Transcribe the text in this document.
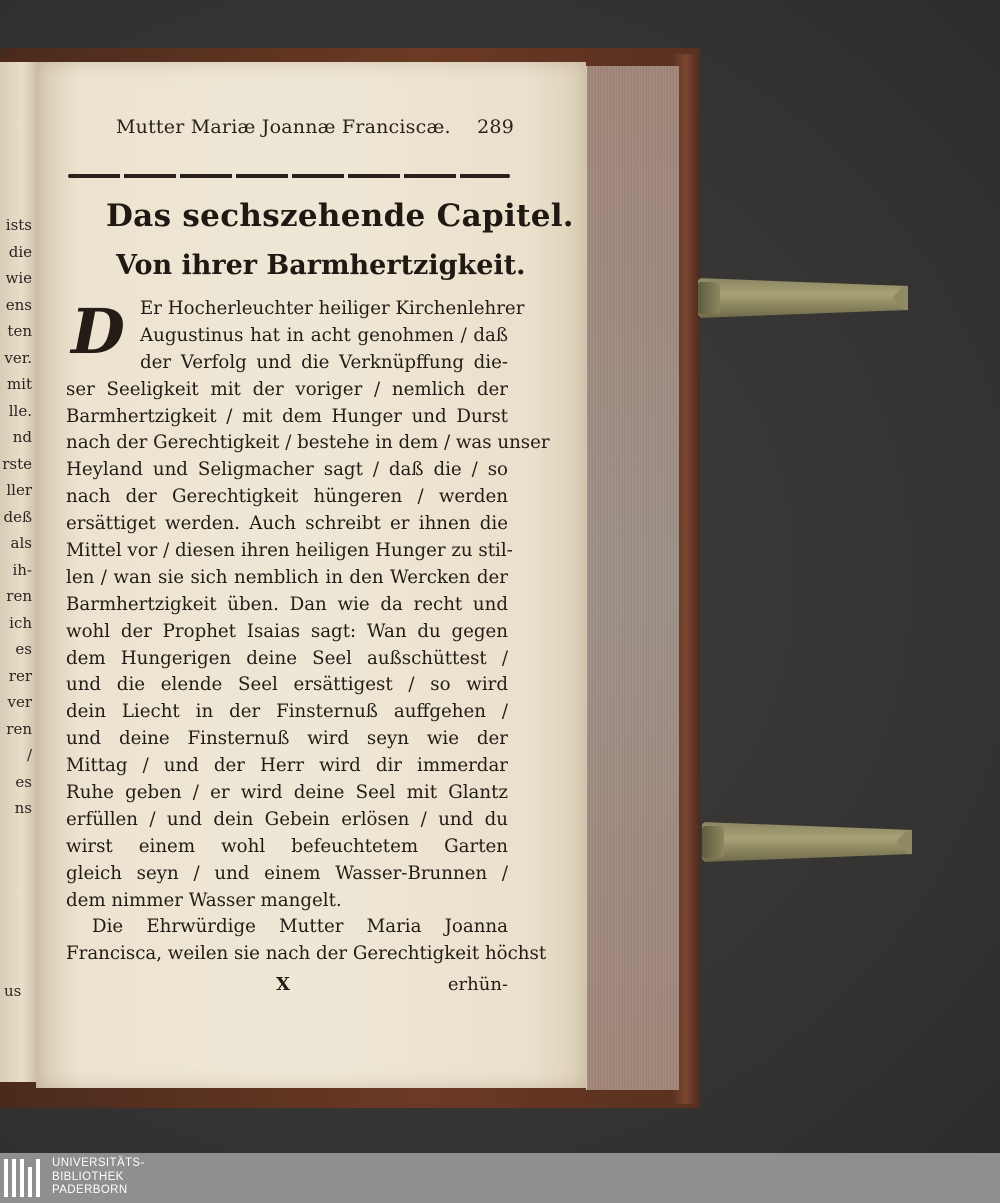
ists
die
wie
ens
ten
ver.
mit
lle.
nd
rste
ller
deß
als
ih-
ren
ich
es
rer
ver
ren
/
es
ns
us
Mutter Mariæ Joannæ Franciscæ. 289
Das sechszehende Capitel.
Von ihrer Barmhertzigkeit.
D Er Hocherleuchter heiliger Kirchenlehrer
Augustinus hat in acht genohmen / daß
der Verfolg und die Verknüpffung die-
ser Seeligkeit mit der voriger / nemlich der
Barmhertzigkeit / mit dem Hunger und Durst
nach der Gerechtigkeit / bestehe in dem / was unser
Heyland und Seligmacher sagt / daß die / so
nach der Gerechtigkeit hüngeren / werden
ersättiget werden. Auch schreibt er ihnen die
Mittel vor / diesen ihren heiligen Hunger zu stil-
len / wan sie sich nemblich in den Wercken der
Barmhertzigkeit üben. Dan wie da recht und
wohl der Prophet Isaias sagt: Wan du gegen
dem Hungerigen deine Seel außschüttest /
und die elende Seel ersättigest / so wird
dein Liecht in der Finsternuß auffgehen /
und deine Finsternuß wird seyn wie der
Mittag / und der Herr wird dir immerdar
Ruhe geben / er wird deine Seel mit Glantz
erfüllen / und dein Gebein erlösen / und du
wirst einem wohl befeuchtetem Garten
gleich seyn / und einem Wasser-Brunnen /
dem nimmer Wasser mangelt.
Die Ehrwürdige Mutter Maria Joanna
Francisca, weilen sie nach der Gerechtigkeit höchst
X	erhün-
UNIVERSITÄTS-
BIBLIOTHEK
PADERBORN
